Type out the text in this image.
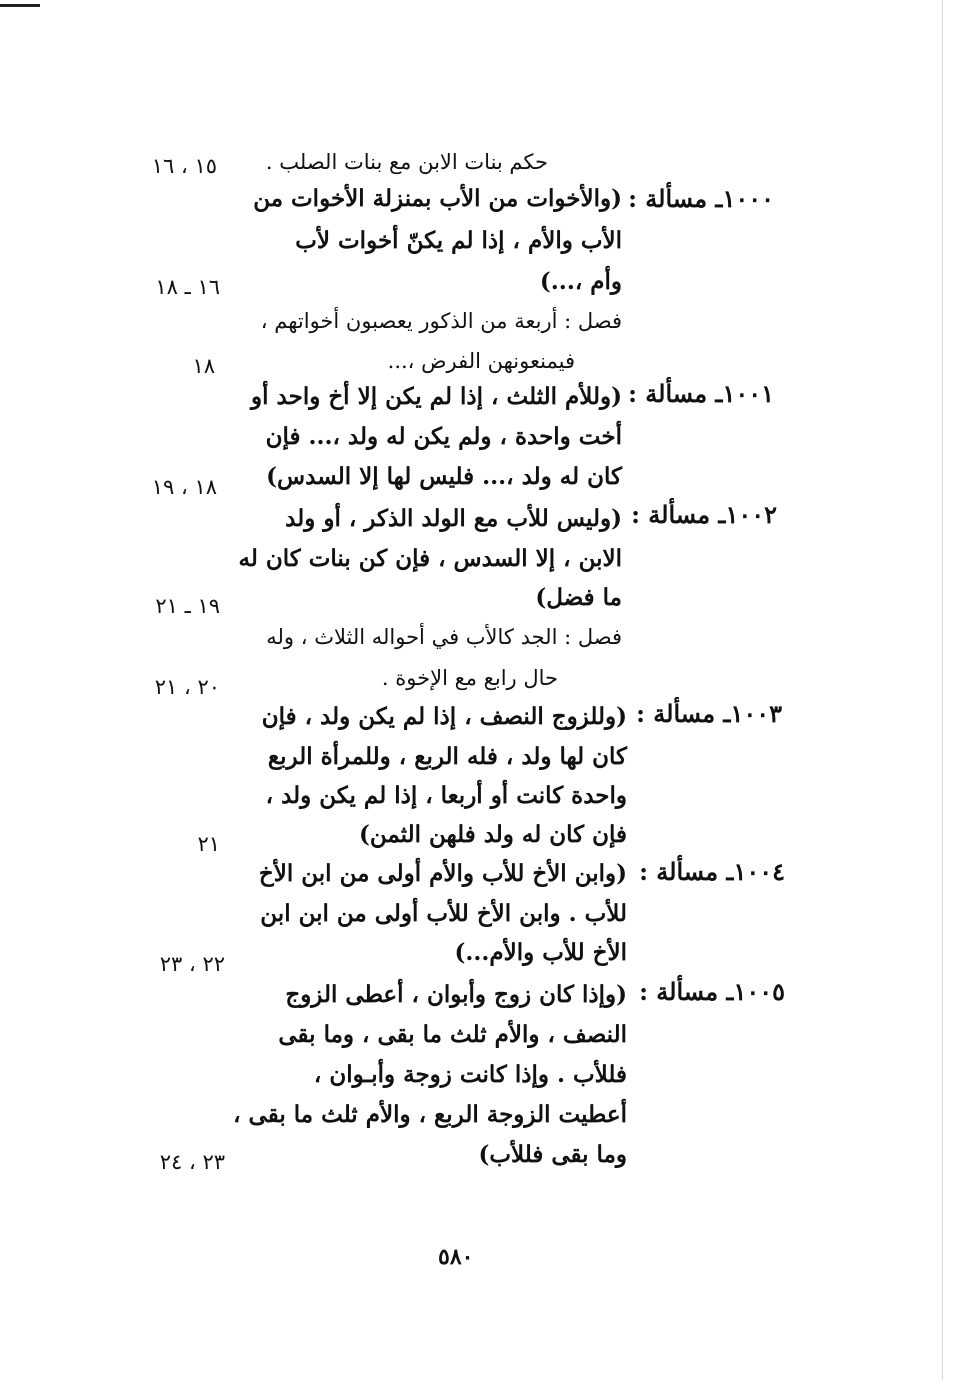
حكم بنات الابن مع بنات الصلب .
١٥ ، ١٦
١٠٠٠ـ مسألة :
(والأخوات من الأب بمنزلة الأخوات من
الأب والأم ، إذا لم يكنّ أخوات لأب
وأم ،...)
١٦ ـ ١٨
فصل : أربعة من الذكور يعصبون أخواتهم ،
فيمنعونهن الفرض ،...
١٨
١٠٠١ـ مسألة :
(وللأم الثلث ، إذا لم يكن إلا أخ واحد أو
أخت واحدة ، ولم يكن له ولد ،... فإن
كان له ولد ،... فليس لها إلا السدس)
١٨ ، ١٩
١٠٠٢ـ مسألة :
(وليس للأب مع الولد الذكر ، أو ولد
الابن ، إلا السدس ، فإن كن بنات كان له
ما فضل)
١٩ ـ ٢١
فصل : الجد كالأب في أحواله الثلاث ، وله
حال رابع مع الإخوة .
٢٠ ، ٢١
١٠٠٣ـ مسألة :
(وللزوج النصف ، إذا لم يكن ولد ، فإن
كان لها ولد ، فله الربع ، وللمرأة الربع
واحدة كانت أو أربعا ، إذا لم يكن ولد ،
فإن كان له ولد فلهن الثمن)
٢١
١٠٠٤ـ مسألة :
(وابن الأخ للأب والأم أولى من ابن الأخ
للأب . وابن الأخ للأب أولى من ابن ابن
الأخ للأب والأم...)
٢٢ ، ٢٣
١٠٠٥ـ مسألة :
(وإذا كان زوج وأبوان ، أعطى الزوج
النصف ، والأم ثلث ما بقى ، وما بقى
فللأب . وإذا كانت زوجة وأبـوان ،
أعطيت الزوجة الربع ، والأم ثلث ما بقى ،
وما بقى فللأب)
٢٣ ، ٢٤
٥٨٠
